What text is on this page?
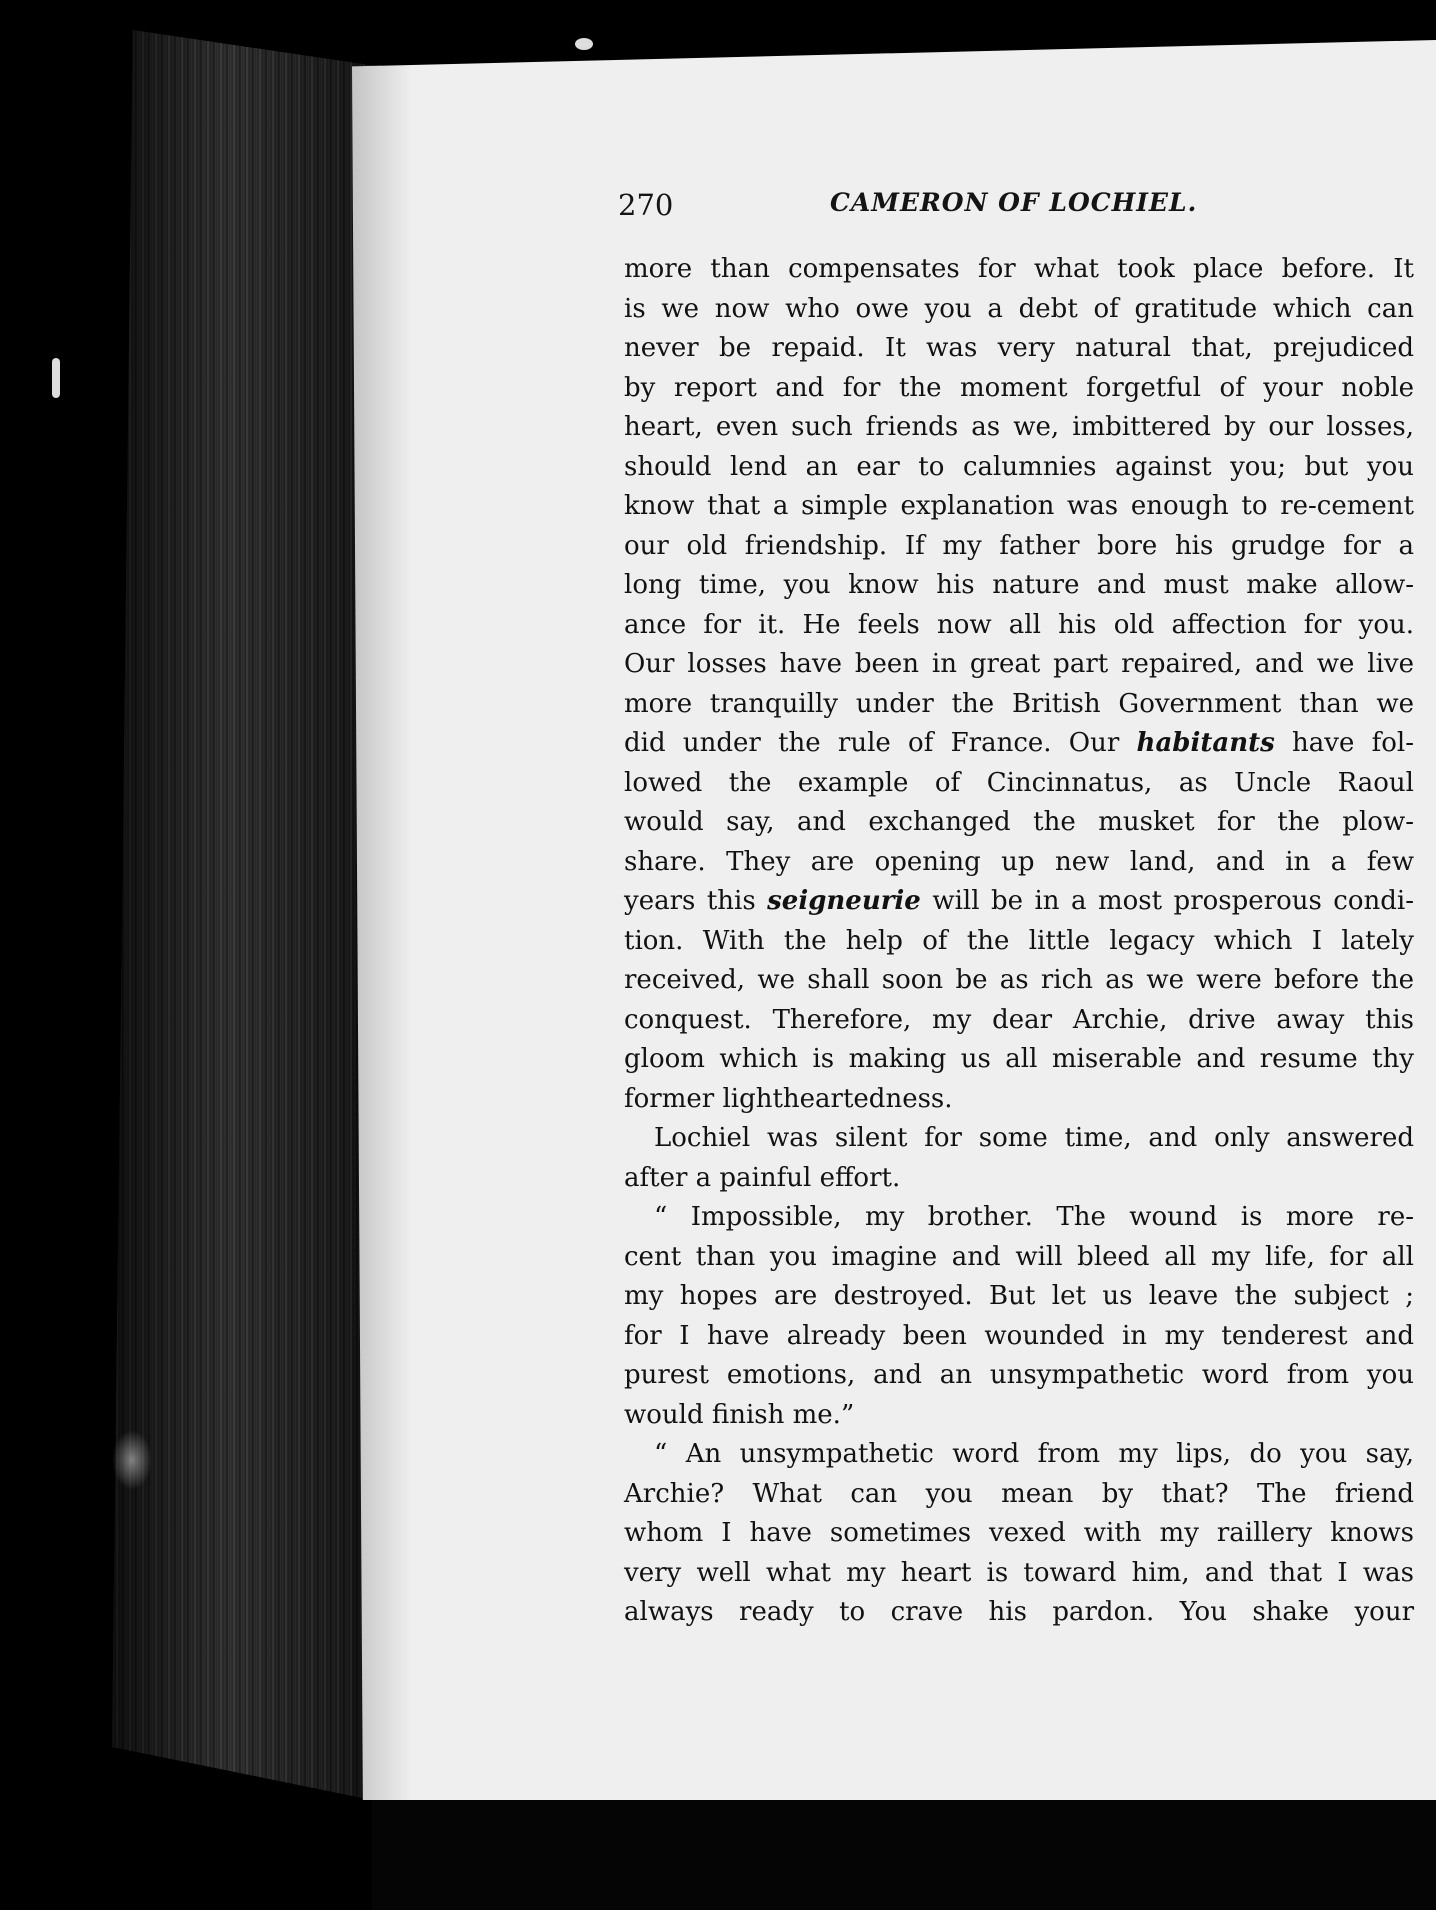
270	CAMERON OF LOCHIEL.
more than compensates for what took place before. It
is we now who owe you a debt of gratitude which can
never be repaid. It was very natural that, prejudiced
by report and for the moment forgetful of your noble
heart, even such friends as we, imbittered by our losses,
should lend an ear to calumnies against you; but you
know that a simple explanation was enough to re-cement
our old friendship. If my father bore his grudge for a
long time, you know his nature and must make allow-
ance for it. He feels now all his old affection for you.
Our losses have been in great part repaired, and we live
more tranquilly under the British Government than we
did under the rule of France. Our habitants have fol-
lowed the example of Cincinnatus, as Uncle Raoul
would say, and exchanged the musket for the plow-
share. They are opening up new land, and in a few
years this seigneurie will be in a most prosperous condi-
tion. With the help of the little legacy which I lately
received, we shall soon be as rich as we were before the
conquest. Therefore, my dear Archie, drive away this
gloom which is making us all miserable and resume thy
former lightheartedness.
Lochiel was silent for some time, and only answered
after a painful effort.
“ Impossible, my brother. The wound is more re-
cent than you imagine and will bleed all my life, for all
my hopes are destroyed. But let us leave the subject ;
for I have already been wounded in my tenderest and
purest emotions, and an unsympathetic word from you
would finish me.”
“ An unsympathetic word from my lips, do you say,
Archie? What can you mean by that? The friend
whom I have sometimes vexed with my raillery knows
very well what my heart is toward him, and that I was
always ready to crave his pardon. You shake your
